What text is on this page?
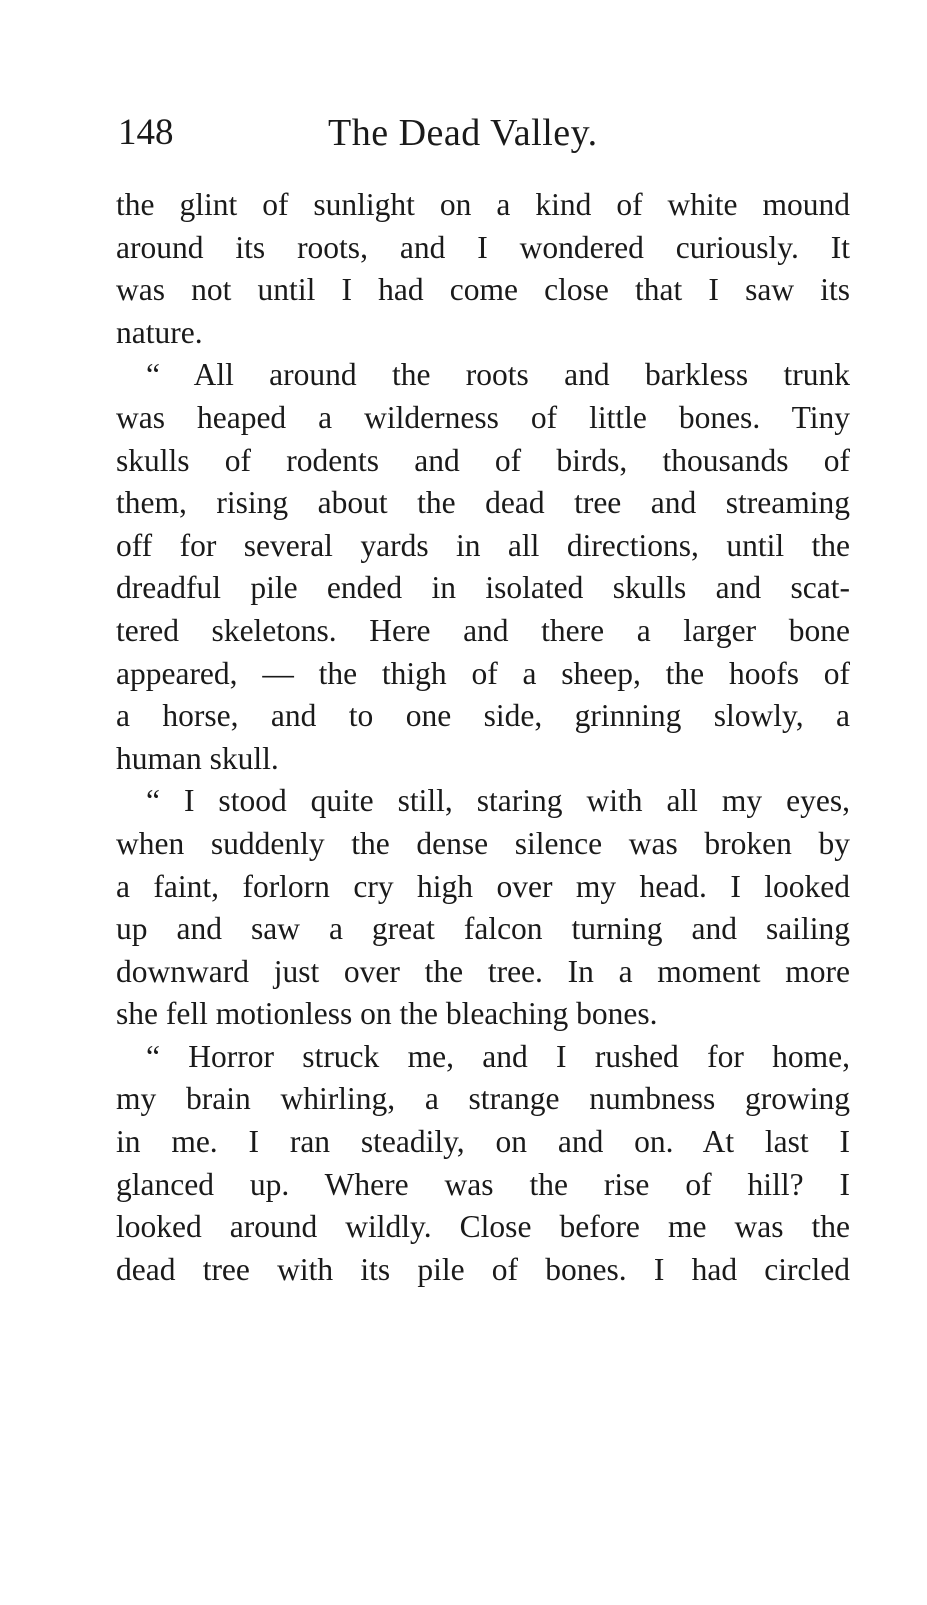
148	The Dead Valley.
the glint of sunlight on a kind of white mound
around its roots, and I wondered curiously. It
was not until I had come close that I saw its
nature.
“ All around the roots and barkless trunk
was heaped a wilderness of little bones. Tiny
skulls of rodents and of birds, thousands of
them, rising about the dead tree and streaming
off for several yards in all directions, until the
dreadful pile ended in isolated skulls and scat-
tered skeletons. Here and there a larger bone
appeared, — the thigh of a sheep, the hoofs of
a horse, and to one side, grinning slowly, a
human skull.
“ I stood quite still, staring with all my eyes,
when suddenly the dense silence was broken by
a faint, forlorn cry high over my head. I looked
up and saw a great falcon turning and sailing
downward just over the tree. In a moment more
she fell motionless on the bleaching bones.
“ Horror struck me, and I rushed for home,
my brain whirling, a strange numbness growing
in me. I ran steadily, on and on. At last I
glanced up. Where was the rise of hill? I
looked around wildly. Close before me was the
dead tree with its pile of bones. I had circled
